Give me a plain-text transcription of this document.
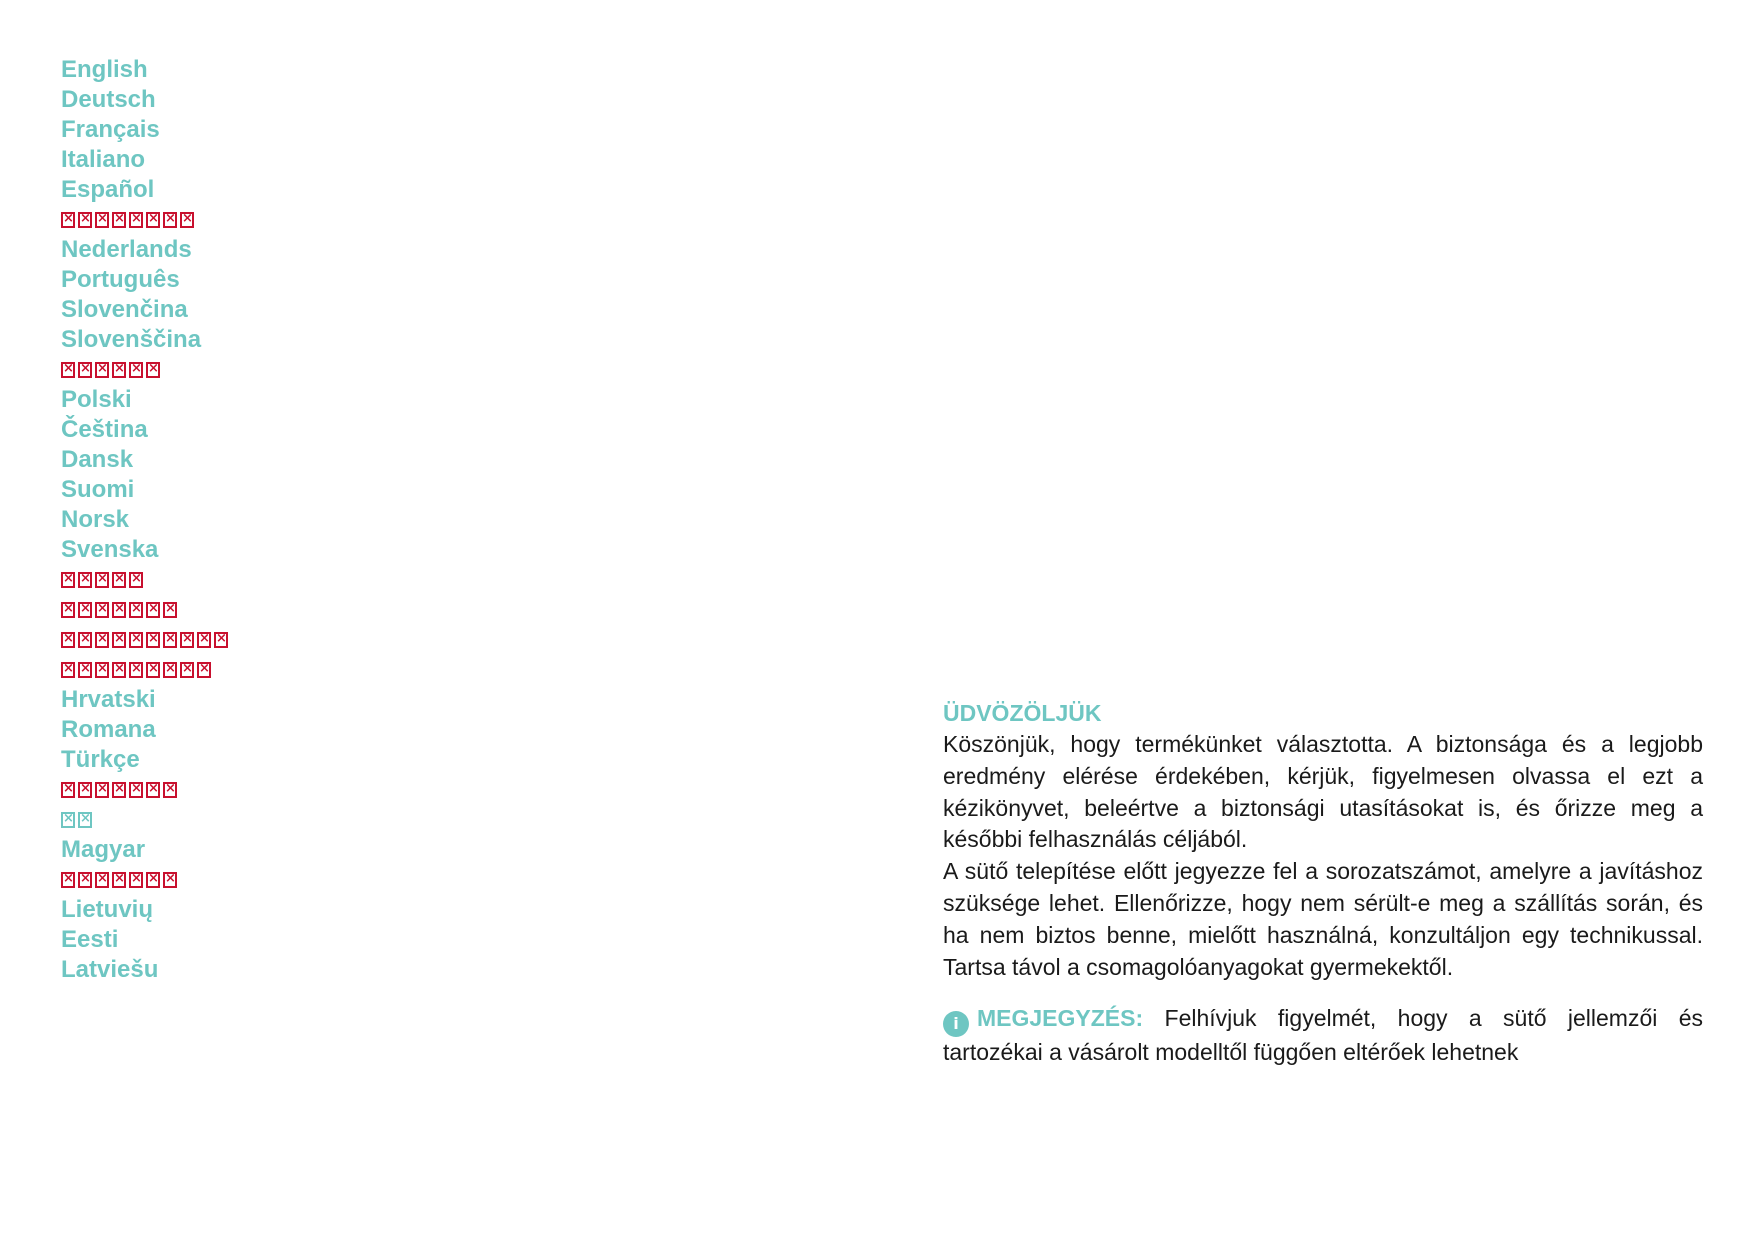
English
Deutsch
Français
Italiano
Español
×
×
×
×
×
×
×
×
Nederlands
Português
Slovenčina
Slovenščina
×
×
×
×
×
×
Polski
Čeština
Dansk
Suomi
Norsk
Svenska
×
×
×
×
×
×
×
×
×
×
×
×
×
×
×
×
×
×
×
×
×
×
×
×
×
×
×
×
×
×
×
Hrvatski
Romana
Türkçe
×
×
×
×
×
×
×
×
×
Magyar
×
×
×
×
×
×
×
Lietuvių
Eesti
Latviešu

ÜDVÖZÖLJÜK

Köszönjük, hogy termékünket választotta. A biztonsága és a legjobb eredmény elérése érdekében, kérjük, figyelmesen olvassa el ezt a kézikönyvet, beleértve a biztonsági utasításokat is, és őrizze meg a későbbi felhasználás céljából.

A sütő telepítése előtt jegyezze fel a sorozatszámot, amelyre a javításhoz szüksége lehet. Ellenőrizze, hogy nem sérült-e meg a szállítás során, és ha nem biztos benne, mielőtt használná, konzultáljon egy technikussal. Tartsa távol a csomagolóanyagokat gyermekektől.

i MEGJEGYZÉS: Felhívjuk figyelmét, hogy a sütő jellemzői és tartozékai a vásárolt modelltől függően eltérőek lehetnek
